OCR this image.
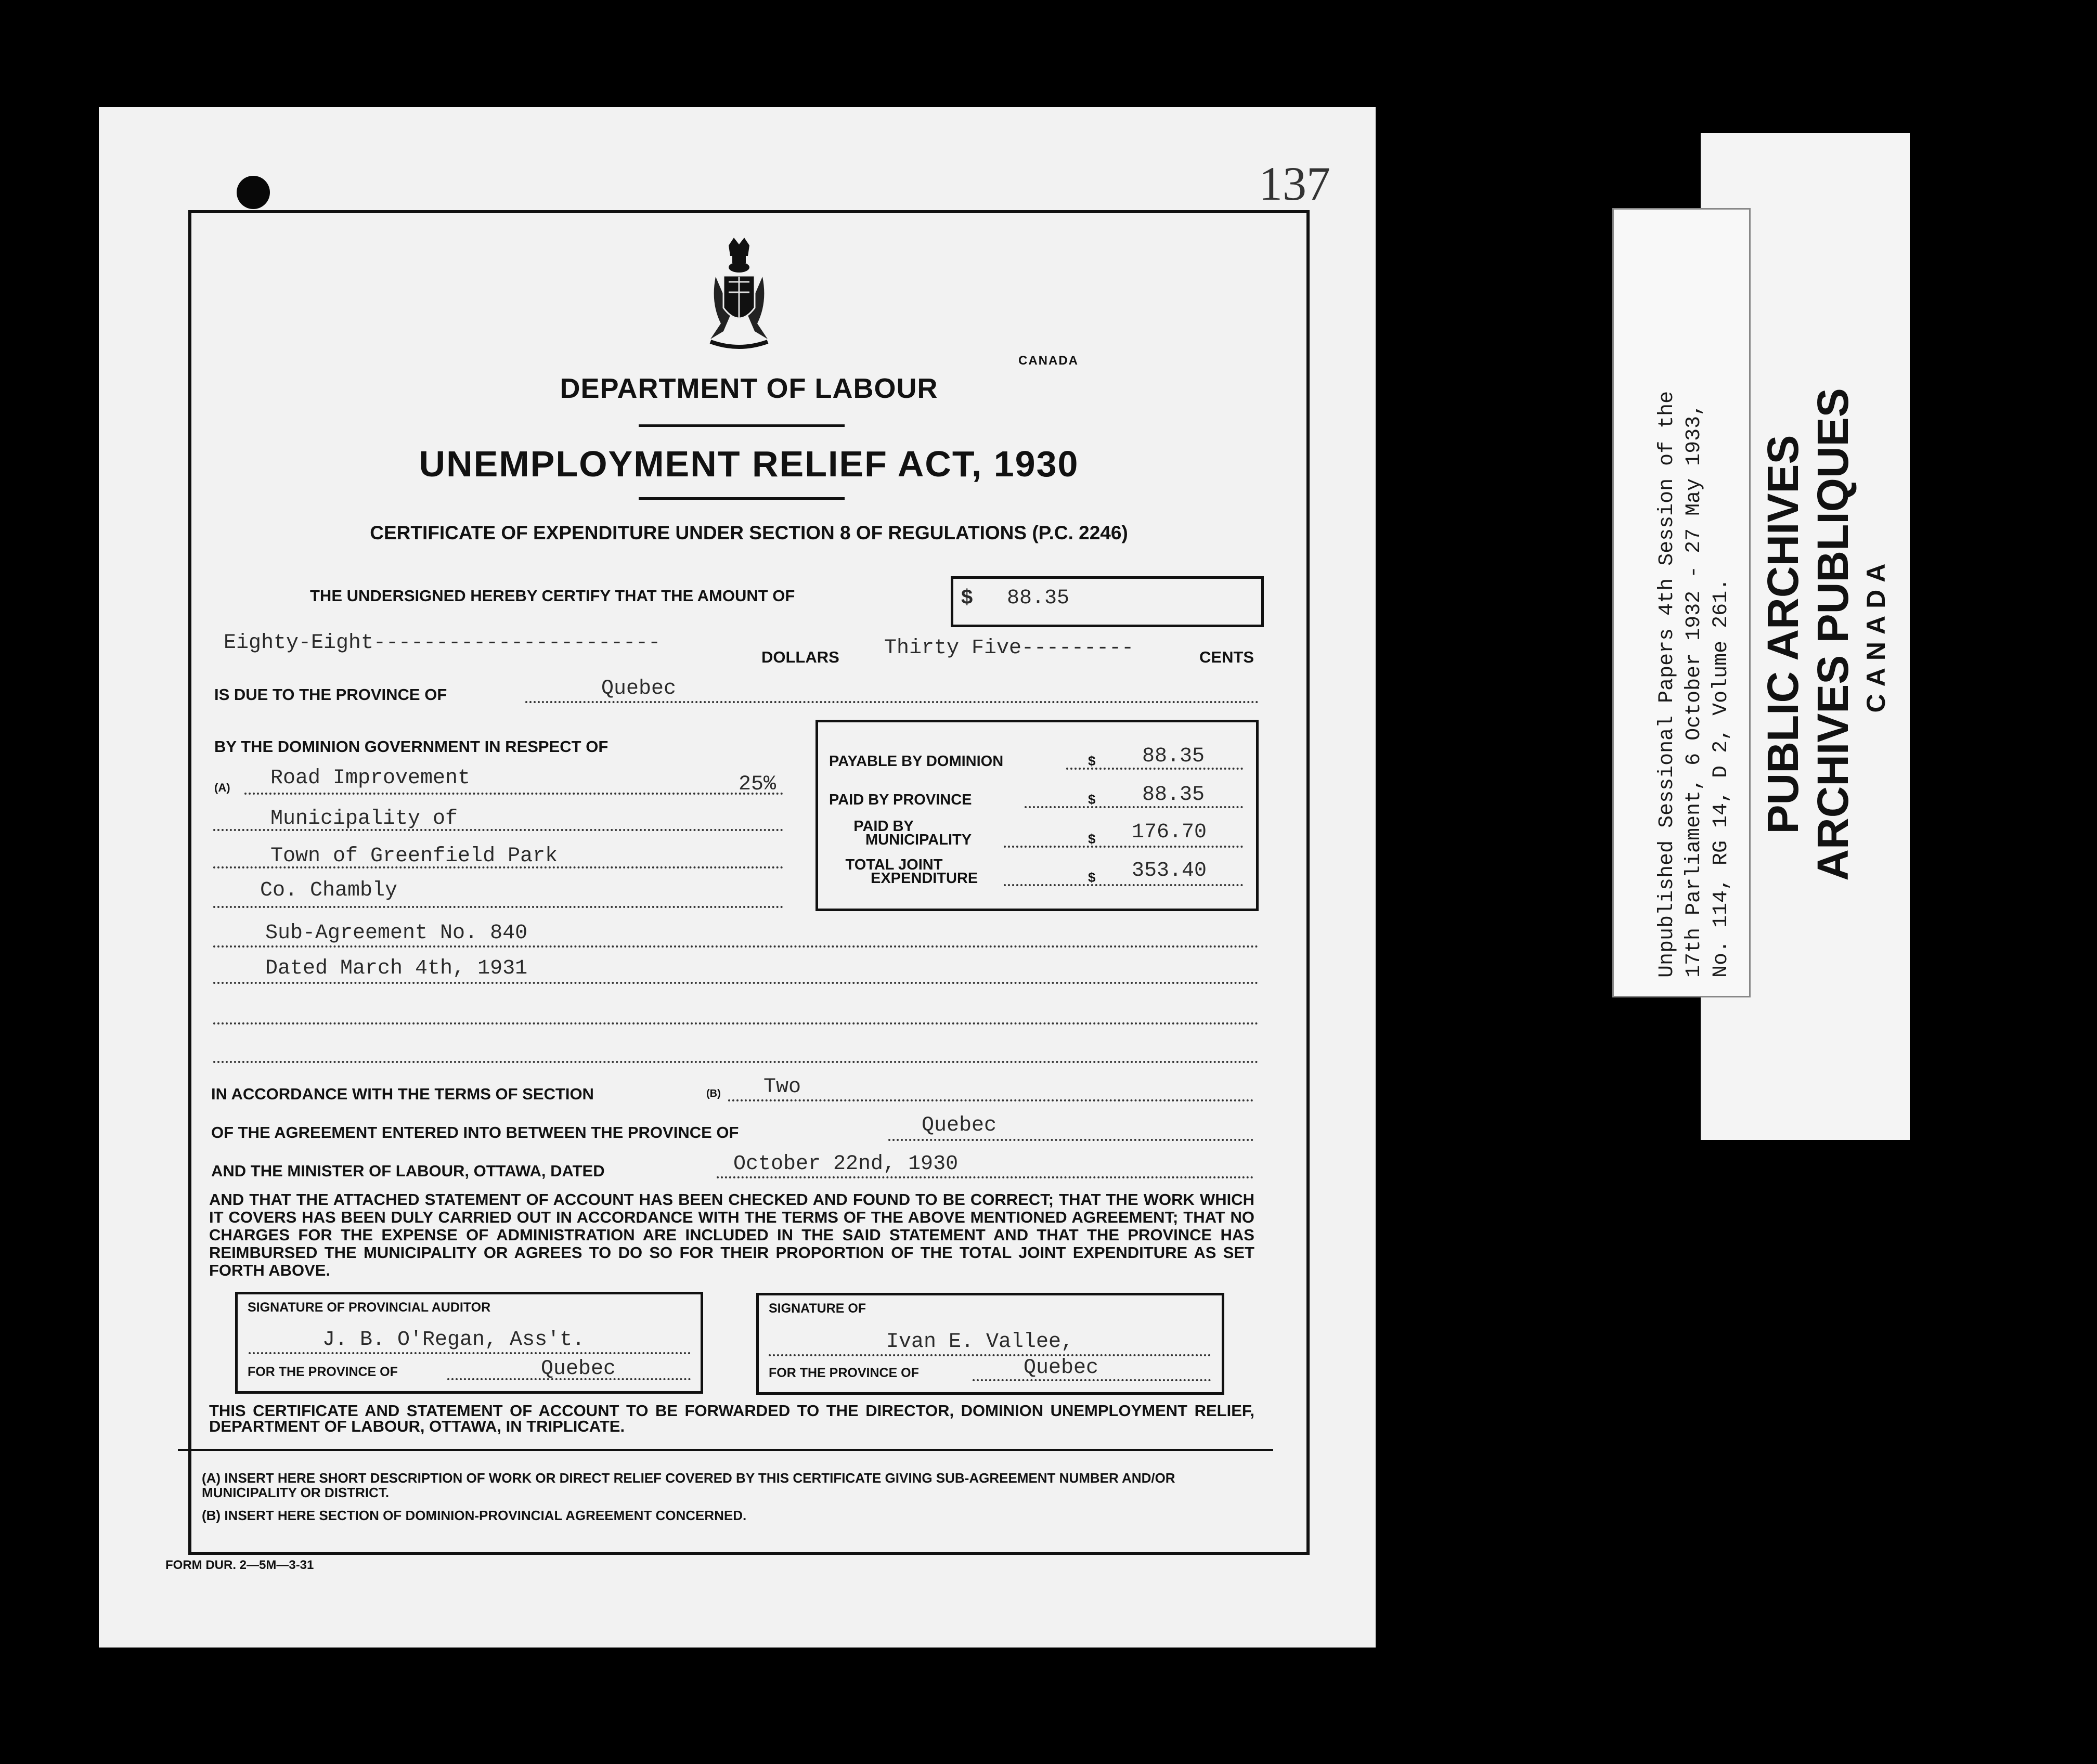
137
CANADA
DEPARTMENT OF LABOUR
UNEMPLOYMENT RELIEF ACT, 1930
CERTIFICATE OF EXPENDITURE UNDER SECTION 8 OF REGULATIONS (P.C. 2246)
THE UNDERSIGNED HEREBY CERTIFY THAT THE AMOUNT OF	$ 88.35
Eighty-Eight-----------------------
DOLLARS Thirty Five---------	CENTS
IS DUE TO THE PROVINCE OF	Quebec
BY THE DOMINION GOVERNMENT IN RESPECT OF
(A) Road Improvement	25%
Municipality of
Town of Greenfield Park
Co. Chambly
Sub-Agreement No. 840
Dated March 4th, 1931
PAYABLE BY DOMINION	$ 88.35
PAID BY PROVINCE	$ 88.35
PAID BY
MUNICIPALITY	$ 176.70
TOTAL JOINT
EXPENDITURE	$ 353.40
IN ACCORDANCE WITH THE TERMS OF SECTION	(B) Two
OF THE AGREEMENT ENTERED INTO BETWEEN THE PROVINCE OF	Quebec
AND THE MINISTER OF LABOUR, OTTAWA, DATED	October 22nd, 1930
AND THAT THE ATTACHED STATEMENT OF ACCOUNT HAS BEEN CHECKED AND FOUND TO BE CORRECT; THAT THE WORK WHICH IT COVERS HAS BEEN DULY CARRIED OUT IN ACCORDANCE WITH THE TERMS OF THE ABOVE MENTIONED AGREEMENT; THAT NO CHARGES FOR THE EXPENSE OF ADMINISTRATION ARE INCLUDED IN THE SAID STATEMENT AND THAT THE PROVINCE HAS REIMBURSED THE MUNICIPALITY OR AGREES TO DO SO FOR THEIR PROPORTION OF THE TOTAL JOINT EXPENDITURE AS SET FORTH ABOVE.
SIGNATURE OF PROVINCIAL AUDITOR
J. B. O'Regan, Ass't.
FOR THE PROVINCE OF	Quebec
SIGNATURE OF
Ivan E. Vallee,
FOR THE PROVINCE OF	Quebec
THIS CERTIFICATE AND STATEMENT OF ACCOUNT TO BE FORWARDED TO THE DIRECTOR, DOMINION UNEMPLOYMENT RELIEF, DEPARTMENT OF LABOUR, OTTAWA, IN TRIPLICATE.
(A) INSERT HERE SHORT DESCRIPTION OF WORK OR DIRECT RELIEF COVERED BY THIS CERTIFICATE GIVING SUB-AGREEMENT NUMBER AND/OR MUNICIPALITY OR DISTRICT.
(B) INSERT HERE SECTION OF DOMINION-PROVINCIAL AGREEMENT CONCERNED.
FORM DUR. 2—5M—3-31
Unpublished Sessional Papers 4th Session of the 17th Parliament, 6 October 1932 - 27 May 1933, No. 114, RG 14, D 2, Volume 261. PUBLIC ARCHIVES ARCHIVES PUBLIQUES CANADA
